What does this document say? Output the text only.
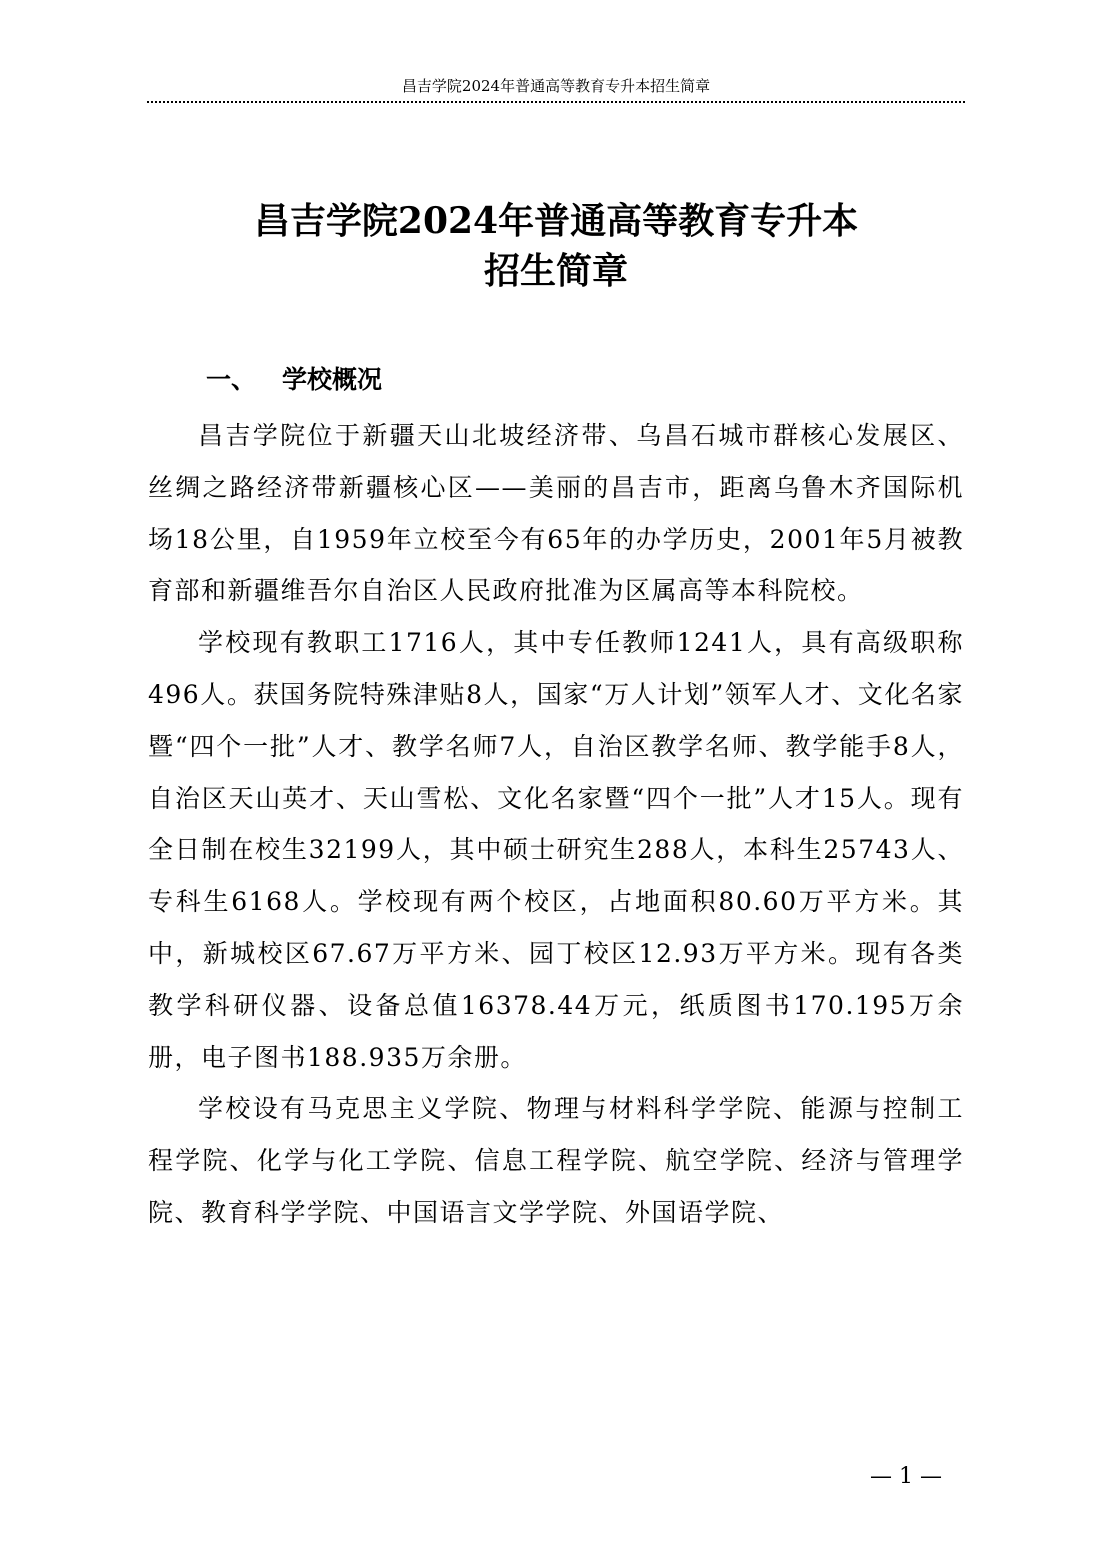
昌吉学院2024年普通高等教育专升本招生简章
昌吉学院2024年普通高等教育专升本
招生简章
一、 学校概况

昌吉学院位于新疆天山北坡经济带、乌昌石城市群核心发展区、丝绸之路经济带新疆核心区——美丽的昌吉市，距离乌鲁木齐国际机场18公里，自1959年立校至今有65年的办学历史，2001年5月被教育部和新疆维吾尔自治区人民政府批准为区属高等本科院校。

学校现有教职工1716人，其中专任教师1241人，具有高级职称496人。获国务院特殊津贴8人，国家“万人计划”领军人才、文化名家暨“四个一批”人才、教学名师7人，自治区教学名师、教学能手8人，自治区天山英才、天山雪松、文化名家暨“四个一批”人才15人。现有全日制在校生32199人，其中硕士研究生288人，本科生25743人、专科生6168人。学校现有两个校区，占地面积80.60万平方米。其中，新城校区67.67万平方米、园丁校区12.93万平方米。现有各类教学科研仪器、设备总值16378.44万元，纸质图书170.195万余册，电子图书188.935万余册。

学校设有马克思主义学院、物理与材料科学学院、能源与控制工程学院、化学与化工学院、信息工程学院、航空学院、经济与管理学院、教育科学学院、中国语言文学学院、外国语学院、

— 1 —
